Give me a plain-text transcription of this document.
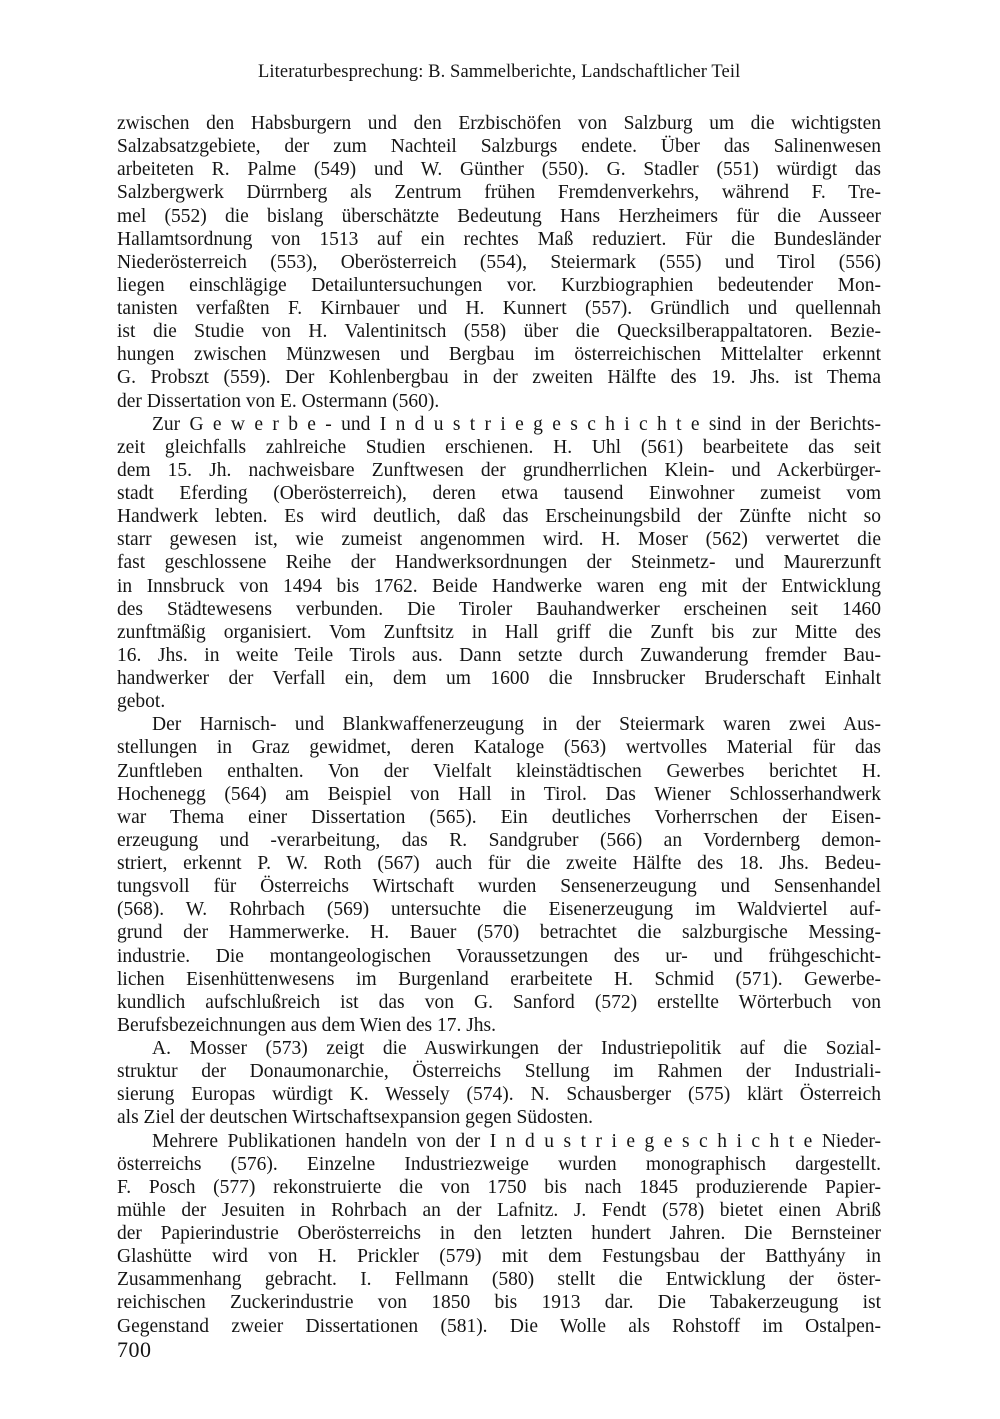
Literaturbesprechung: B. Sammelberichte, Landschaftlicher Teil
zwischen den Habsburgern und den Erzbischöfen von Salzburg um die wichtigsten
Salzabsatzgebiete, der zum Nachteil Salzburgs endete. Über das Salinenwesen
arbeiteten R. Palme (549) und W. Günther (550). G. Stadler (551) würdigt das
Salzbergwerk Dürrnberg als Zentrum frühen Fremdenverkehrs, während F. Tre-
mel (552) die bislang überschätzte Bedeutung Hans Herzheimers für die Ausseer
Hallamtsordnung von 1513 auf ein rechtes Maß reduziert. Für die Bundesländer
Niederösterreich (553), Oberösterreich (554), Steiermark (555) und Tirol (556)
liegen einschlägige Detailuntersuchungen vor. Kurzbiographien bedeutender Mon-
tanisten verfaßten F. Kirnbauer und H. Kunnert (557). Gründlich und quellennah
ist die Studie von H. Valentinitsch (558) über die Quecksilberappaltatoren. Bezie-
hungen zwischen Münzwesen und Bergbau im österreichischen Mittelalter erkennt
G. Probszt (559). Der Kohlenbergbau in der zweiten Hälfte des 19. Jhs. ist Thema
der Dissertation von E. Ostermann (560).
Zur G e w e r b e - und I n d u s t r i e g e s c h i c h t e sind in der Berichts-
zeit gleichfalls zahlreiche Studien erschienen. H. Uhl (561) bearbeitete das seit
dem 15. Jh. nachweisbare Zunftwesen der grundherrlichen Klein- und Ackerbürger-
stadt Eferding (Oberösterreich), deren etwa tausend Einwohner zumeist vom
Handwerk lebten. Es wird deutlich, daß das Erscheinungsbild der Zünfte nicht so
starr gewesen ist, wie zumeist angenommen wird. H. Moser (562) verwertet die
fast geschlossene Reihe der Handwerksordnungen der Steinmetz- und Maurerzunft
in Innsbruck von 1494 bis 1762. Beide Handwerke waren eng mit der Entwicklung
des Städtewesens verbunden. Die Tiroler Bauhandwerker erscheinen seit 1460
zunftmäßig organisiert. Vom Zunftsitz in Hall griff die Zunft bis zur Mitte des
16. Jhs. in weite Teile Tirols aus. Dann setzte durch Zuwanderung fremder Bau-
handwerker der Verfall ein, dem um 1600 die Innsbrucker Bruderschaft Einhalt
gebot.
Der Harnisch- und Blankwaffenerzeugung in der Steiermark waren zwei Aus-
stellungen in Graz gewidmet, deren Kataloge (563) wertvolles Material für das
Zunftleben enthalten. Von der Vielfalt kleinstädtischen Gewerbes berichtet H.
Hochenegg (564) am Beispiel von Hall in Tirol. Das Wiener Schlosserhandwerk
war Thema einer Dissertation (565). Ein deutliches Vorherrschen der Eisen-
erzeugung und -verarbeitung, das R. Sandgruber (566) an Vordernberg demon-
striert, erkennt P. W. Roth (567) auch für die zweite Hälfte des 18. Jhs. Bedeu-
tungsvoll für Österreichs Wirtschaft wurden Sensenerzeugung und Sensenhandel
(568). W. Rohrbach (569) untersuchte die Eisenerzeugung im Waldviertel auf-
grund der Hammerwerke. H. Bauer (570) betrachtet die salzburgische Messing-
industrie. Die montangeologischen Voraussetzungen des ur- und frühgeschicht-
lichen Eisenhüttenwesens im Burgenland erarbeitete H. Schmid (571). Gewerbe-
kundlich aufschlußreich ist das von G. Sanford (572) erstellte Wörterbuch von
Berufsbezeichnungen aus dem Wien des 17. Jhs.
A. Mosser (573) zeigt die Auswirkungen der Industriepolitik auf die Sozial-
struktur der Donaumonarchie, Österreichs Stellung im Rahmen der Industriali-
sierung Europas würdigt K. Wessely (574). N. Schausberger (575) klärt Österreich
als Ziel der deutschen Wirtschaftsexpansion gegen Südosten.
Mehrere Publikationen handeln von der I n d u s t r i e g e s c h i c h t e Nieder-
österreichs (576). Einzelne Industriezweige wurden monographisch dargestellt.
F. Posch (577) rekonstruierte die von 1750 bis nach 1845 produzierende Papier-
mühle der Jesuiten in Rohrbach an der Lafnitz. J. Fendt (578) bietet einen Abriß
der Papierindustrie Oberösterreichs in den letzten hundert Jahren. Die Bernsteiner
Glashütte wird von H. Prickler (579) mit dem Festungsbau der Batthyány in
Zusammenhang gebracht. I. Fellmann (580) stellt die Entwicklung der öster-
reichischen Zuckerindustrie von 1850 bis 1913 dar. Die Tabakerzeugung ist
Gegenstand zweier Dissertationen (581). Die Wolle als Rohstoff im Ostalpen-
700
